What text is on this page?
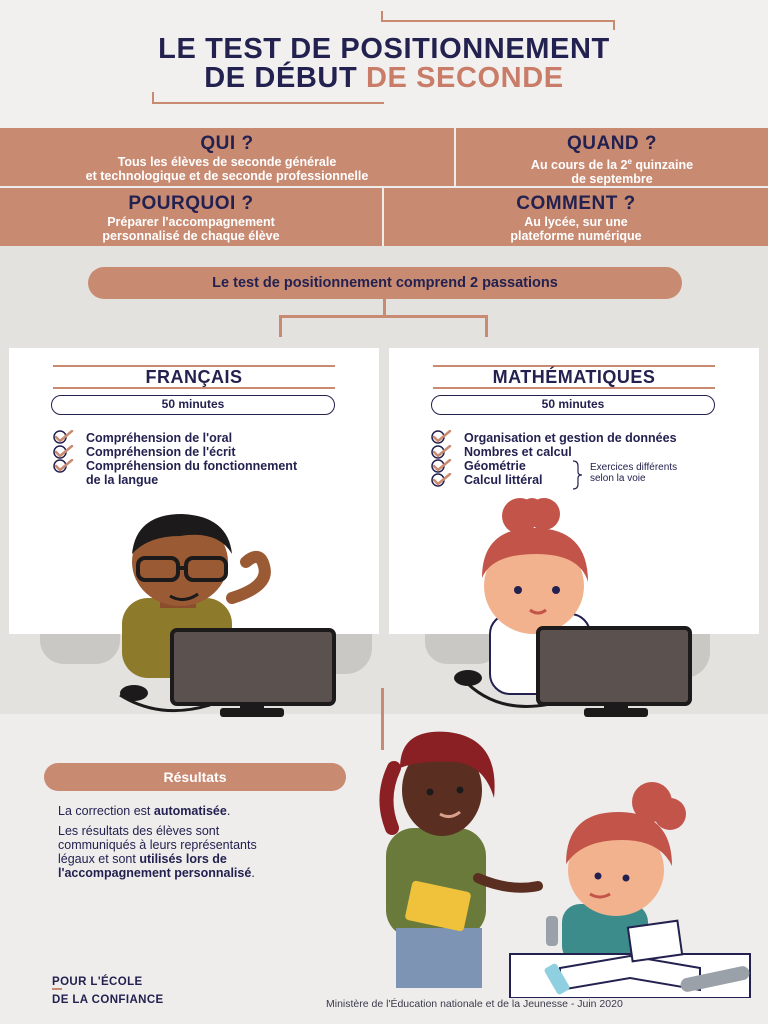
LE TEST DE POSITIONNEMENT
DE DÉBUT DE SECONDE
QUI ?

Tous les élèves de seconde générale

et technologique et de seconde professionnelle

QUAND ?

Au cours de la 2e quinzaine

de septembre

POURQUOI ?

Préparer l'accompagnement

personnalisé de chaque élève

COMMENT ?

Au lycée, sur une

plateforme numérique

Le test de positionnement comprend 2 passations
FRANÇAIS
50 minutes
Compréhension de l'oral
Compréhension de l'écrit
Compréhension du fonctionnement
de la langue
MATHÉMATIQUES
50 minutes
Organisation et gestion de données
Nombres et calcul
Géométrie
Calcul littéral
Exercices différents
selon la voie
Résultats
La correction est automatisée.
Les résultats des élèves sont
communiqués à leurs représentants
légaux et sont utilisés lors de
l'accompagnement personnalisé.
POUR L'ÉCOLE
DE LA CONFIANCE	Ministère de l'Éducation nationale et de la Jeunesse - Juin 2020
